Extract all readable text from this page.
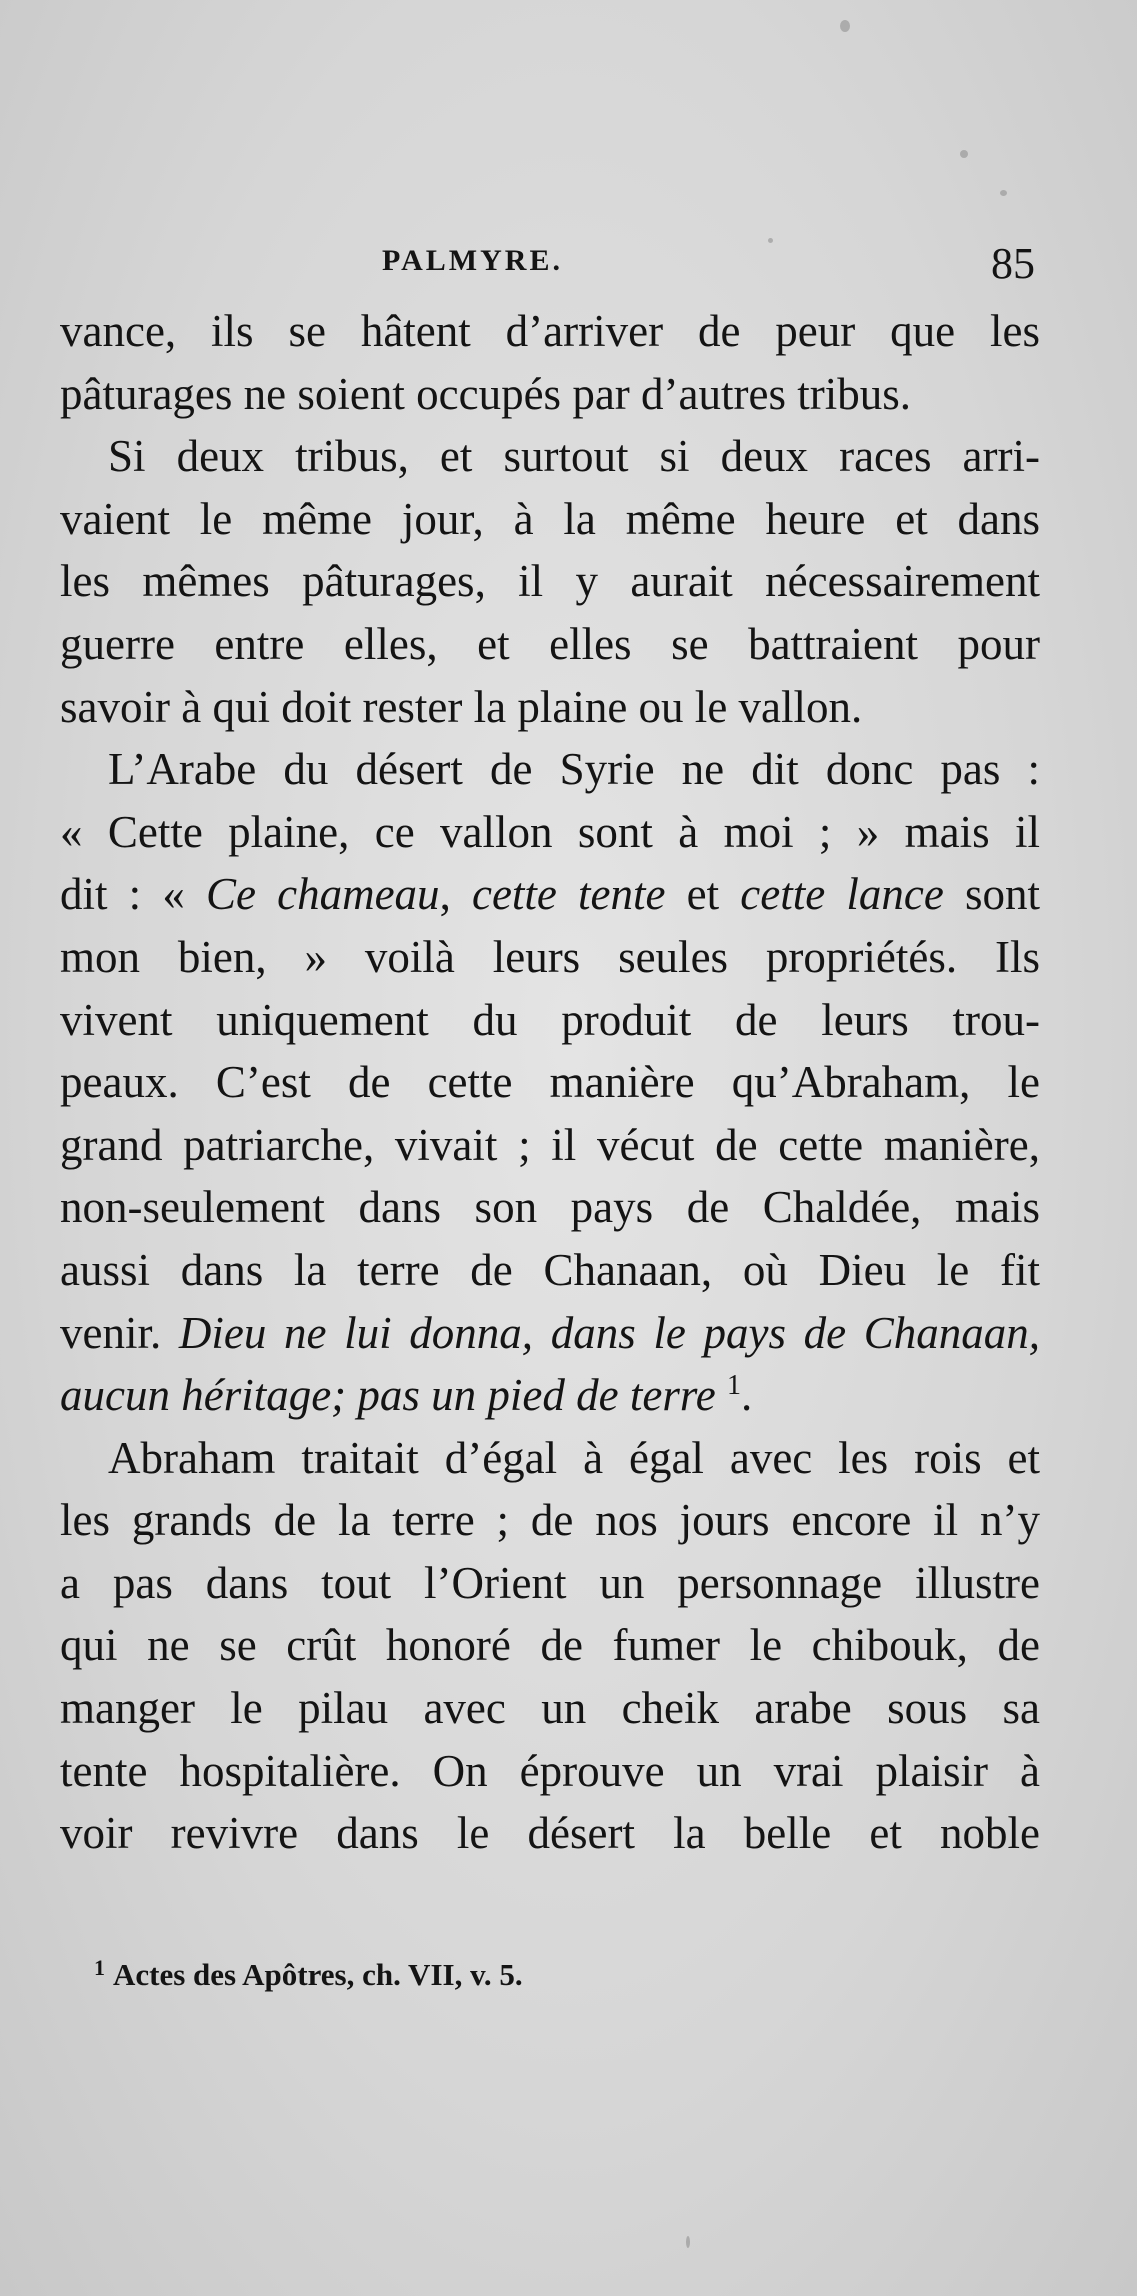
PALMYRE.	85
vance, ils se hâtent d’arriver de peur que les
pâturages ne soient occupés par d’autres tribus.
Si deux tribus, et surtout si deux races arri-
vaient le même jour, à la même heure et dans
les mêmes pâturages, il y aurait nécessairement
guerre entre elles, et elles se battraient pour
savoir à qui doit rester la plaine ou le vallon.
L’Arabe du désert de Syrie ne dit donc pas :
« Cette plaine, ce vallon sont à moi ; » mais il
dit : « Ce chameau, cette tente et cette lance sont
mon bien, » voilà leurs seules propriétés. Ils
vivent uniquement du produit de leurs trou-
peaux. C’est de cette manière qu’Abraham, le
grand patriarche, vivait ; il vécut de cette manière,
non-seulement dans son pays de Chaldée, mais
aussi dans la terre de Chanaan, où Dieu le fit
venir. Dieu ne lui donna, dans le pays de Chanaan,
aucun héritage; pas un pied de terre $^1$.
Abraham traitait d’égal à égal avec les rois et
les grands de la terre ; de nos jours encore il n’y
a pas dans tout l’Orient un personnage illustre
qui ne se crût honoré de fumer le chibouk, de
manger le pilau avec un cheik arabe sous sa
tente hospitalière. On éprouve un vrai plaisir à
voir revivre dans le désert la belle et noble
$^1$ Actes des Apôtres, ch. VII, v. 5.
